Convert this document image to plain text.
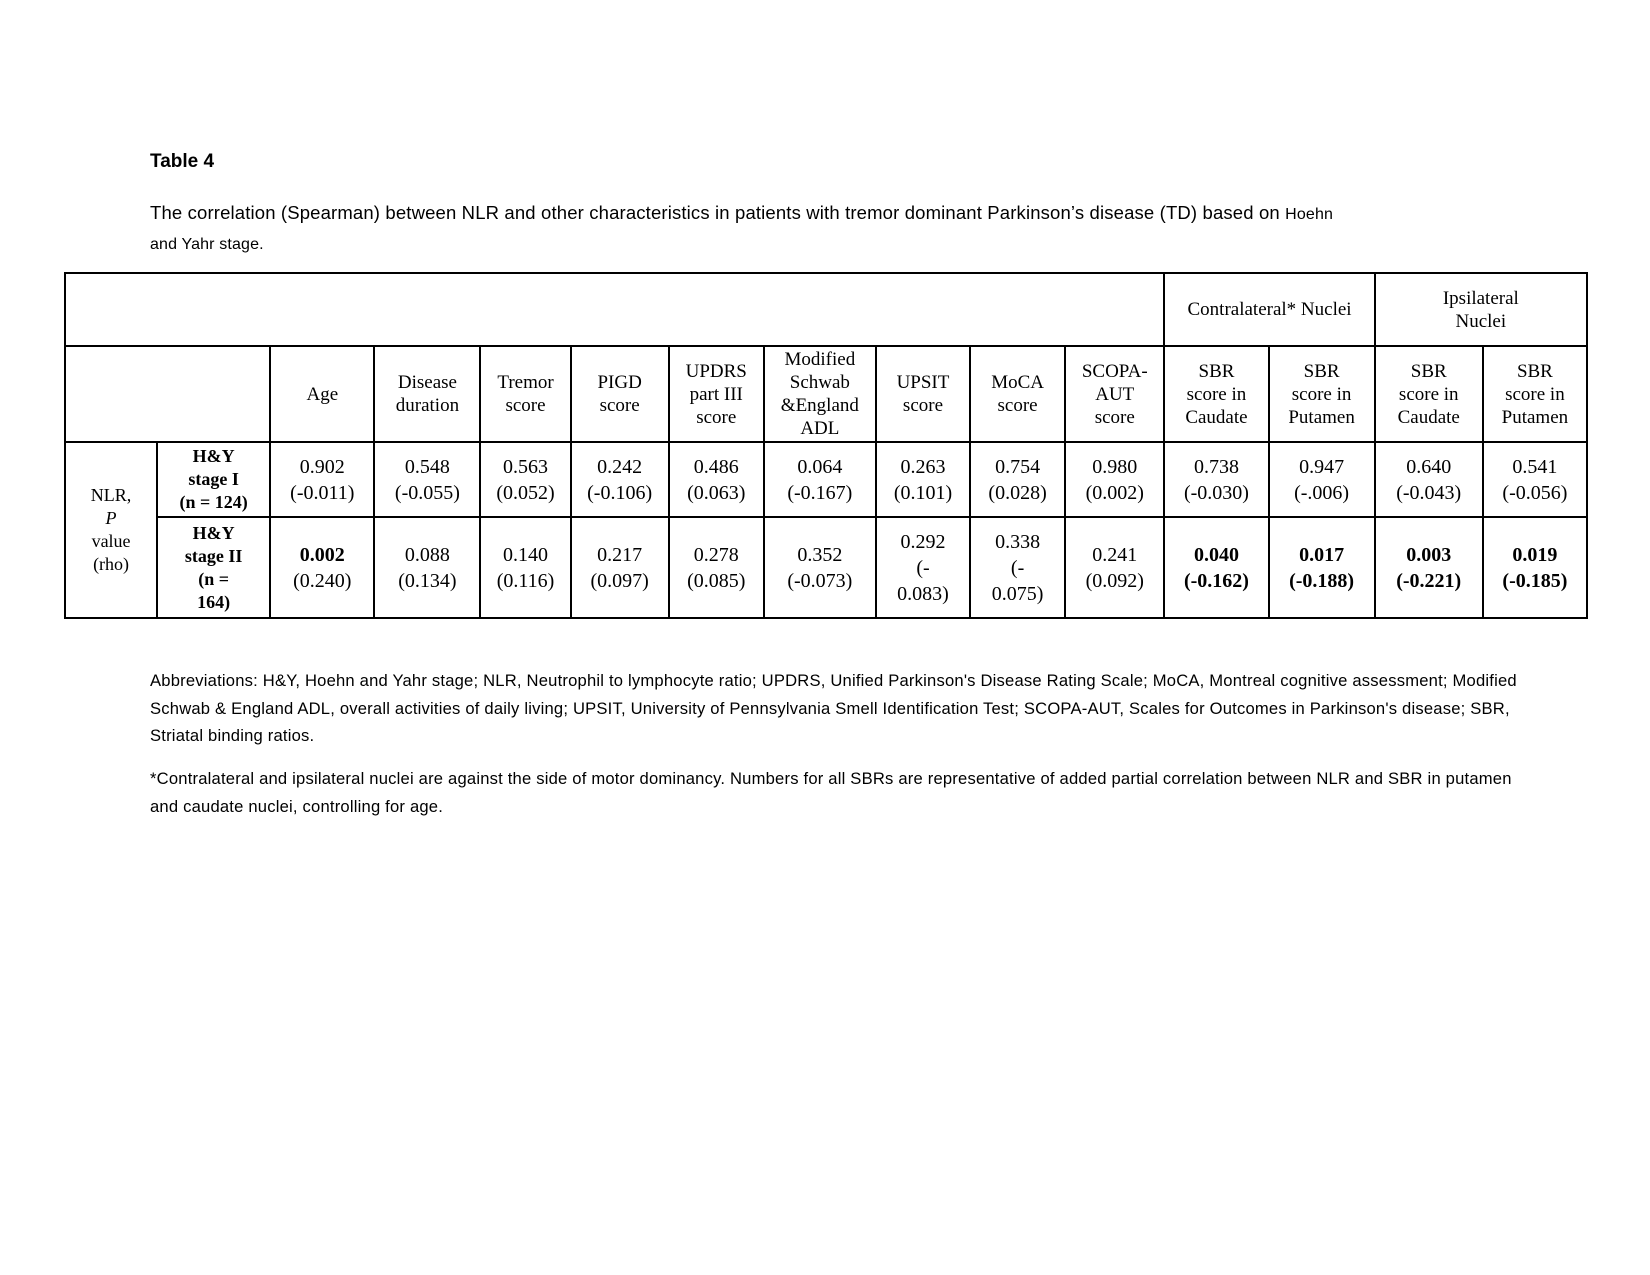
Table 4
The correlation (Spearman) between NLR and other characteristics in patients with tremor dominant Parkinson’s disease (TD) based on Hoehn
and Yahr stage.
											Contralateral* Nuclei		Ipsilateral
Nuclei	

		Age	Disease
duration	Tremor
score	PIGD
score	UPDRS
part III
score	Modified
Schwab
&England
ADL	UPSIT
score	MoCA
score	SCOPA-
AUT
score	SBR
score in
Caudate	SBR
score in
Putamen	SBR
score in
Caudate	SBR
score in
Putamen

NLR,
P
value
(rho)	H&Y
stage I
(n = 124)	0.902
(-0.011)	0.548
(-0.055)	0.563
(0.052)	0.242
(-0.106)	0.486
(0.063)	0.064
(-0.167)	0.263
(0.101)	0.754
(0.028)	0.980
(0.002)	0.738
(-0.030)	0.947
(-.006)	0.640
(-0.043)	0.541
(-0.056)

	H&Y
stage II
(n =
164)	0.002
(0.240)	0.088
(0.134)	0.140
(0.116)	0.217
(0.097)	0.278
(0.085)	0.352
(-0.073)	0.292
(-
0.083)	0.338
(-
0.075)	0.241
(0.092)	0.040
(-0.162)	0.017
(-0.188)	0.003
(-0.221)	0.019
(-0.185)
Abbreviations: H&Y, Hoehn and Yahr stage; NLR, Neutrophil to lymphocyte ratio; UPDRS, Unified Parkinson's Disease Rating Scale; MoCA, Montreal cognitive assessment; Modified Schwab & England ADL, overall activities of daily living; UPSIT, University of Pennsylvania Smell Identification Test; SCOPA-AUT, Scales for Outcomes in Parkinson's disease; SBR, Striatal binding ratios.
*Contralateral and ipsilateral nuclei are against the side of motor dominancy. Numbers for all SBRs are representative of added partial correlation between NLR and SBR in putamen and caudate nuclei, controlling for age.
